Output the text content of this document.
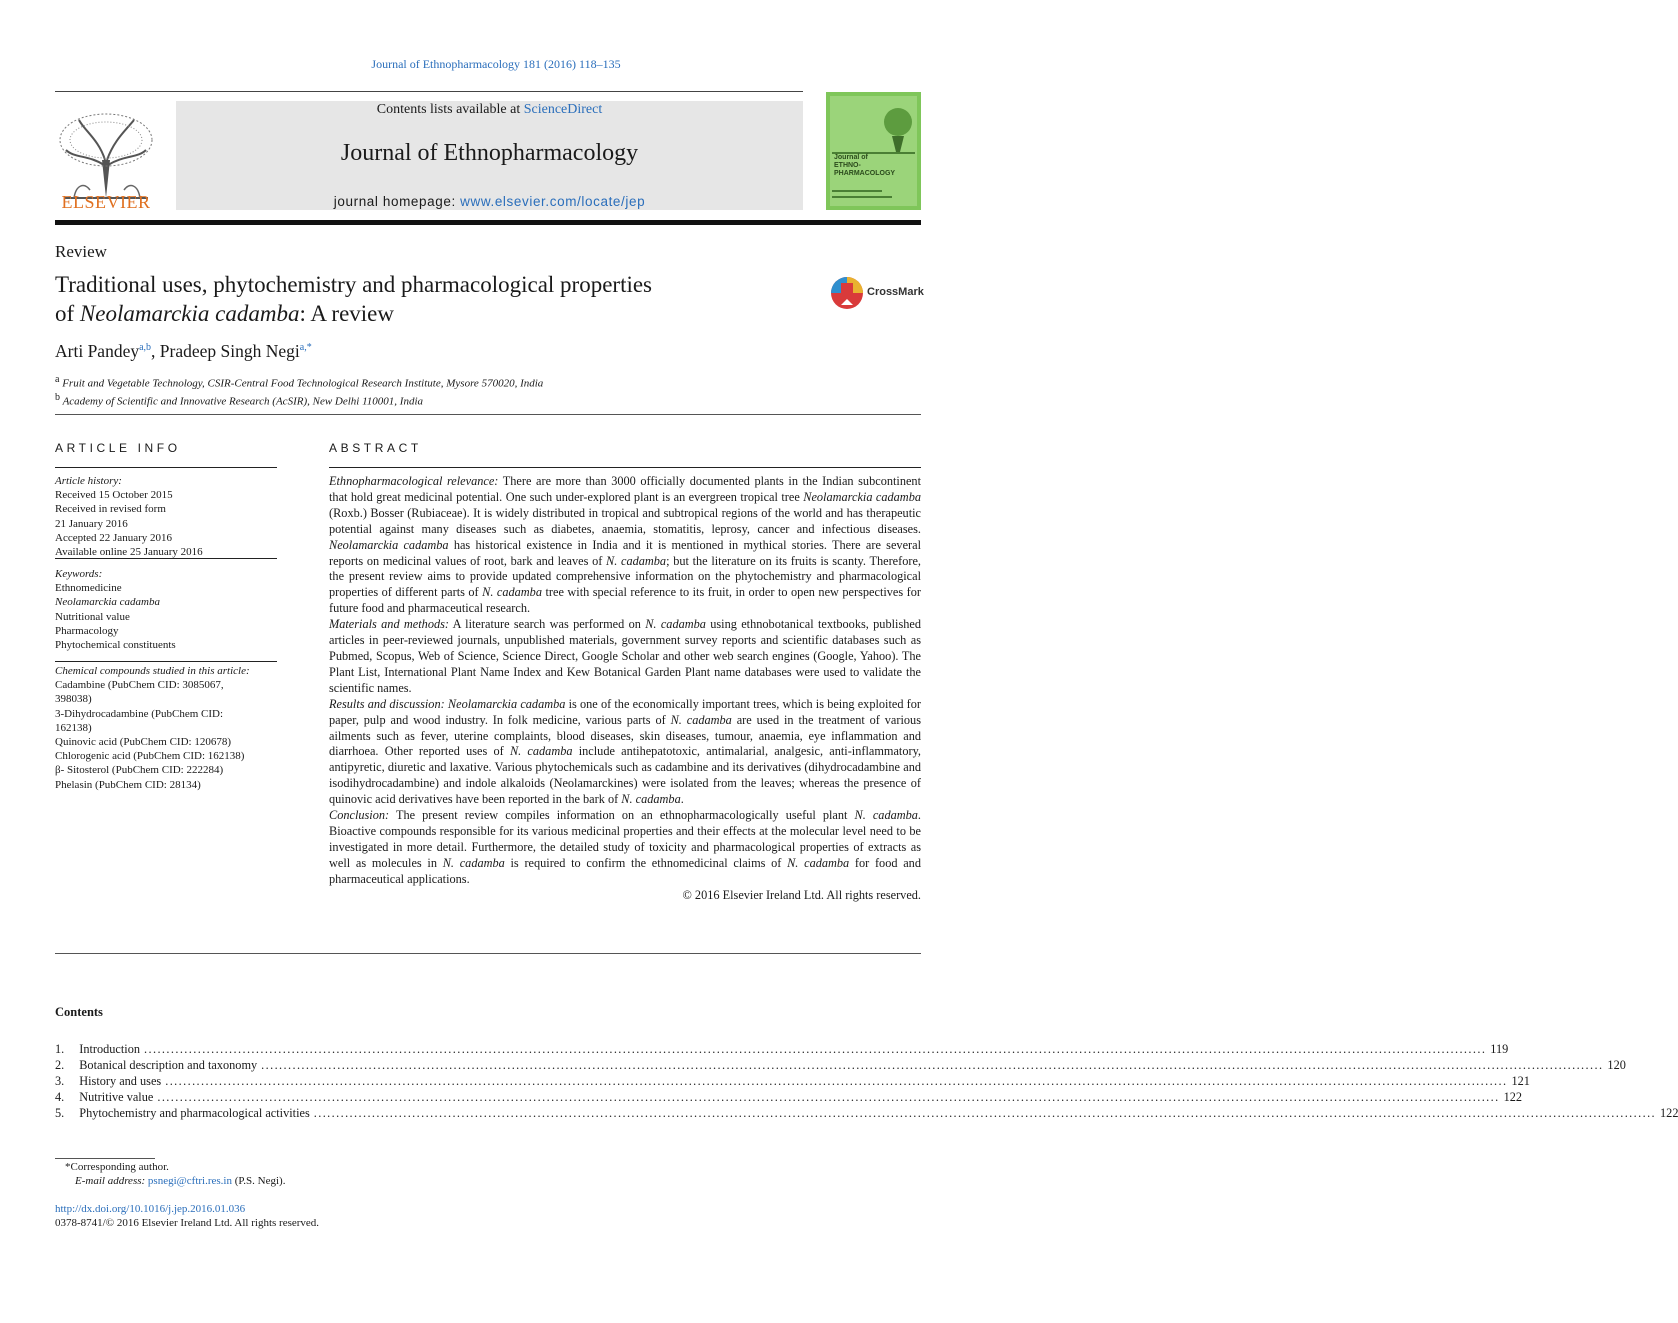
Journal of Ethnopharmacology 181 (2016) 118–135
ELSEVIER
Contents lists available at ScienceDirect
Journal of Ethnopharmacology
journal homepage: www.elsevier.com/locate/jep
Journal of
ETHNO-
PHARMACOLOGY
Review
Traditional uses, phytochemistry and pharmacological properties
of Neolamarckia cadamba: A review
CrossMark
Arti Pandey$^{a,b}$, Pradeep Singh Negi$^{a,*}$
$^a$ Fruit and Vegetable Technology, CSIR-Central Food Technological Research Institute, Mysore 570020, India
$^b$ Academy of Scientific and Innovative Research (AcSIR), New Delhi 110001, India
ARTICLE INFO
Article history:
Received 15 October 2015
Received in revised form
21 January 2016
Accepted 22 January 2016
Available online 25 January 2016
Keywords:
Ethnomedicine
Neolamarckia cadamba
Nutritional value
Pharmacology
Phytochemical constituents
Chemical compounds studied in this article:
Cadambine (PubChem CID: 3085067,
398038)
3-Dihydrocadambine (PubChem CID:
162138)
Quinovic acid (PubChem CID: 120678)
Chlorogenic acid (PubChem CID: 162138)
β- Sitosterol (PubChem CID: 222284)
Phelasin (PubChem CID: 28134)
ABSTRACT

Ethnopharmacological relevance: There are more than 3000 officially documented plants in the Indian subcontinent that hold great medicinal potential. One such under-explored plant is an evergreen tropical tree Neolamarckia cadamba (Roxb.) Bosser (Rubiaceae). It is widely distributed in tropical and subtropical regions of the world and has therapeutic potential against many diseases such as diabetes, anaemia, stomatitis, leprosy, cancer and infectious diseases. Neolamarckia cadamba has historical existence in India and it is mentioned in mythical stories. There are several reports on medicinal values of root, bark and leaves of N. cadamba; but the literature on its fruits is scanty. Therefore, the present review aims to provide updated comprehensive information on the phytochemistry and pharmacological properties of different parts of N. cadamba tree with special reference to its fruit, in order to open new perspectives for future food and pharmaceutical research.

Materials and methods: A literature search was performed on N. cadamba using ethnobotanical textbooks, published articles in peer-reviewed journals, unpublished materials, government survey reports and scientific databases such as Pubmed, Scopus, Web of Science, Science Direct, Google Scholar and other web search engines (Google, Yahoo). The Plant List, International Plant Name Index and Kew Botanical Garden Plant name databases were used to validate the scientific names.

Results and discussion: Neolamarckia cadamba is one of the economically important trees, which is being exploited for paper, pulp and wood industry. In folk medicine, various parts of N. cadamba are used in the treatment of various ailments such as fever, uterine complaints, blood diseases, skin diseases, tumour, anaemia, eye inflammation and diarrhoea. Other reported uses of N. cadamba include antihepatotoxic, antimalarial, analgesic, anti-inflammatory, antipyretic, diuretic and laxative. Various phytochemicals such as cadambine and its derivatives (dihydrocadambine and isodihydrocadambine) and indole alkaloids (Neolamarckines) were isolated from the leaves; whereas the presence of quinovic acid derivatives have been reported in the bark of N. cadamba.

Conclusion: The present review compiles information on an ethnopharmacologically useful plant N. cadamba. Bioactive compounds responsible for its various medicinal properties and their effects at the molecular level need to be investigated in more detail. Furthermore, the detailed study of toxicity and pharmacological properties of extracts as well as molecules in N. cadamba is required to confirm the ethnomedicinal claims of N. cadamba for food and pharmaceutical applications.

© 2016 Elsevier Ireland Ltd. All rights reserved.

Contents
1. Introduction ............................................................................................................................................................................................................................................................................................................ 119
2. Botanical description and taxonomy ............................................................................................................................................................................................................................................................................................................ 120
3. History and uses ............................................................................................................................................................................................................................................................................................................ 121
4. Nutritive value ............................................................................................................................................................................................................................................................................................................ 122
5. Phytochemistry and pharmacological activities ............................................................................................................................................................................................................................................................................................................ 122
*Corresponding author.
E-mail address: psnegi@cftri.res.in (P.S. Negi).
http://dx.doi.org/10.1016/j.jep.2016.01.036
0378-8741/© 2016 Elsevier Ireland Ltd. All rights reserved.
